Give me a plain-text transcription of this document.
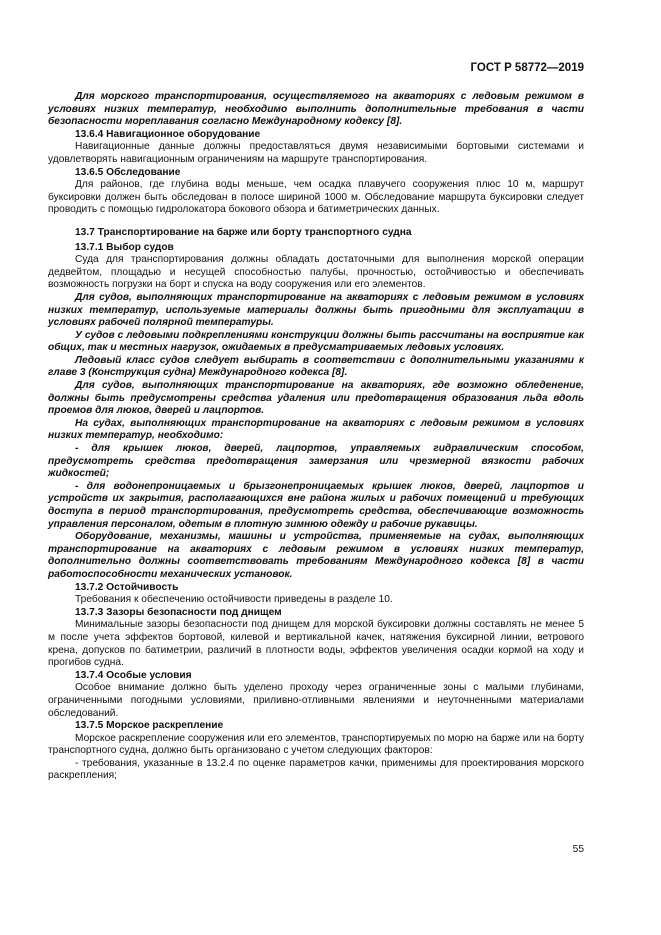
ГОСТ Р 58772—2019

Для морского транспортирования, осуществляемого на акваториях с ледовым режимом в условиях низких температур, необходимо выполнить дополнительные требования в части безопасности мореплавания согласно Международному кодексу [8].

13.6.4 Навигационное оборудование

Навигационные данные должны предоставляться двумя независимыми бортовыми системами и удовлетворять навигационным ограничениям на маршруте транспортирования.

13.6.5 Обследование

Для районов, где глубина воды меньше, чем осадка плавучего сооружения плюс 10 м, маршрут буксировки должен быть обследован в полосе шириной 1000 м. Обследование маршрута буксировки следует проводить с помощью гидролокатора бокового обзора и батиметрических данных.

13.7 Транспортирование на барже или борту транспортного судна
13.7.1 Выбор судов

Суда для транспортирования должны обладать достаточными для выполнения морской операции дедвейтом, площадью и несущей способностью палубы, прочностью, остойчивостью и обеспечивать возможность погрузки на борт и спуска на воду сооружения или его элементов.

Для судов, выполняющих транспортирование на акваториях с ледовым режимом в условиях низких температур, используемые материалы должны быть пригодными для эксплуатации в условиях рабочей полярной температуры.

У судов с ледовыми подкреплениями конструкции должны быть рассчитаны на восприятие как общих, так и местных нагрузок, ожидаемых в предусматриваемых ледовых условиях.

Ледовый класс судов следует выбирать в соответствии с дополнительными указаниями к главе 3 (Конструкция судна) Международного кодекса [8].

Для судов, выполняющих транспортирование на акваториях, где возможно обледенение, должны быть предусмотрены средства удаления или предотвращения образования льда вдоль проемов для люков, дверей и лацпортов.

На судах, выполняющих транспортирование на акваториях с ледовым режимом в условиях низких температур, необходимо:

- для крышек люков, дверей, лацпортов, управляемых гидравлическим способом, предусмотреть средства предотвращения замерзания или чрезмерной вязкости рабочих жидкостей;

- для водонепроницаемых и брызгонепроницаемых крышек люков, дверей, лацпортов и устройств их закрытия, располагающихся вне района жилых и рабочих помещений и требующих доступа в период транспортирования, предусмотреть средства, обеспечивающие возможность управления персоналом, одетым в плотную зимнюю одежду и рабочие рукавицы.

Оборудование, механизмы, машины и устройства, применяемые на судах, выполняющих транспортирование на акваториях с ледовым режимом в условиях низких температур, дополнительно должны соответствовать требованиям Международного кодекса [8] в части работоспособности механических установок.

13.7.2 Остойчивость

Требования к обеспечению остойчивости приведены в разделе 10.

13.7.3 Зазоры безопасности под днищем

Минимальные зазоры безопасности под днищем для морской буксировки должны составлять не менее 5 м после учета эффектов бортовой, килевой и вертикальной качек, натяжения буксирной линии, ветрового крена, допусков по батиметрии, различий в плотности воды, эффектов увеличения осадки кормой на ходу и прогибов судна.

13.7.4 Особые условия

Особое внимание должно быть уделено проходу через ограниченные зоны с малыми глубинами, ограниченными погодными условиями, приливно-отливными явлениями и неуточненными материалами обследований.

13.7.5 Морское раскрепление

Морское раскрепление сооружения или его элементов, транспортируемых по морю на барже или на борту транспортного судна, должно быть организовано с учетом следующих факторов:

- требования, указанные в 13.2.4 по оценке параметров качки, применимы для проектирования морского раскрепления;

55
